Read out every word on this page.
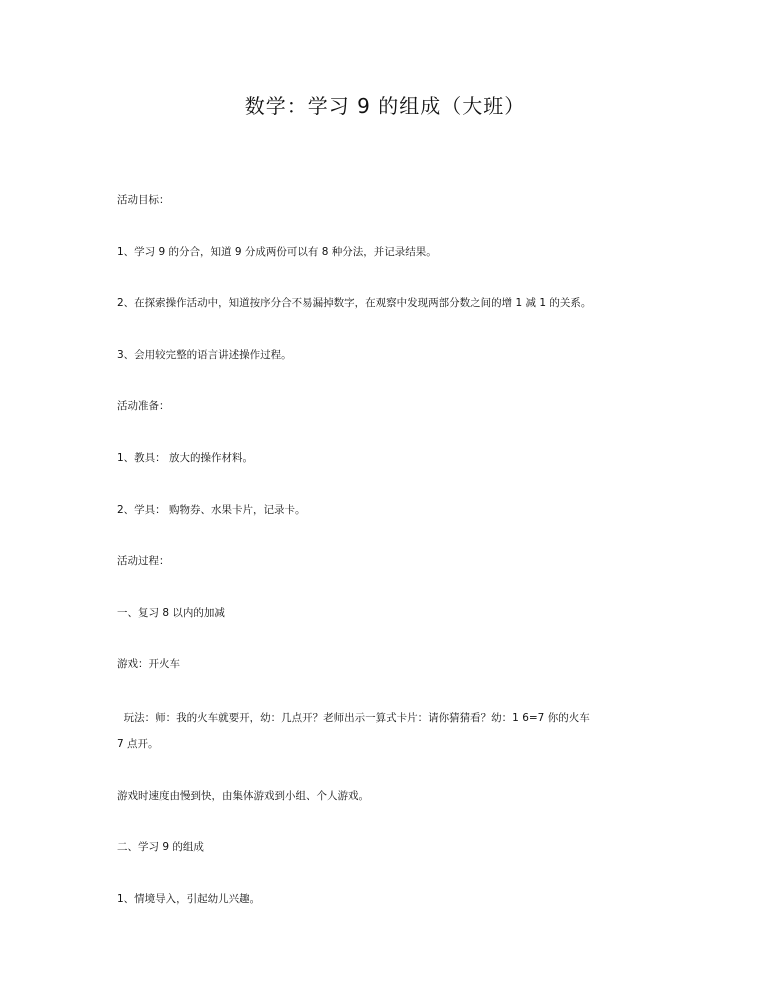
数学：学习 9 的组成（大班）
活动目标：
1、学习 9 的分合，知道 9 分成两份可以有 8 种分法，并记录结果。
2、在探索操作活动中，知道按序分合不易漏掉数字，在观察中发现两部分数之间的增 1 减 1 的关系。
3、会用较完整的语言讲述操作过程。
活动准备：
1、教具： 放大的操作材料。
2、学具： 购物券、水果卡片，记录卡。
活动过程：
一、复习 8 以内的加减
游戏：开火车
玩法：师：我的火车就要开，幼：几点开？老师出示一算式卡片：请你猜猜看？幼：1 6=7 你的火车
7 点开。
游戏时速度由慢到快，由集体游戏到小组、个人游戏。
二、学习 9 的组成
1、情境导入，引起幼儿兴趣。
